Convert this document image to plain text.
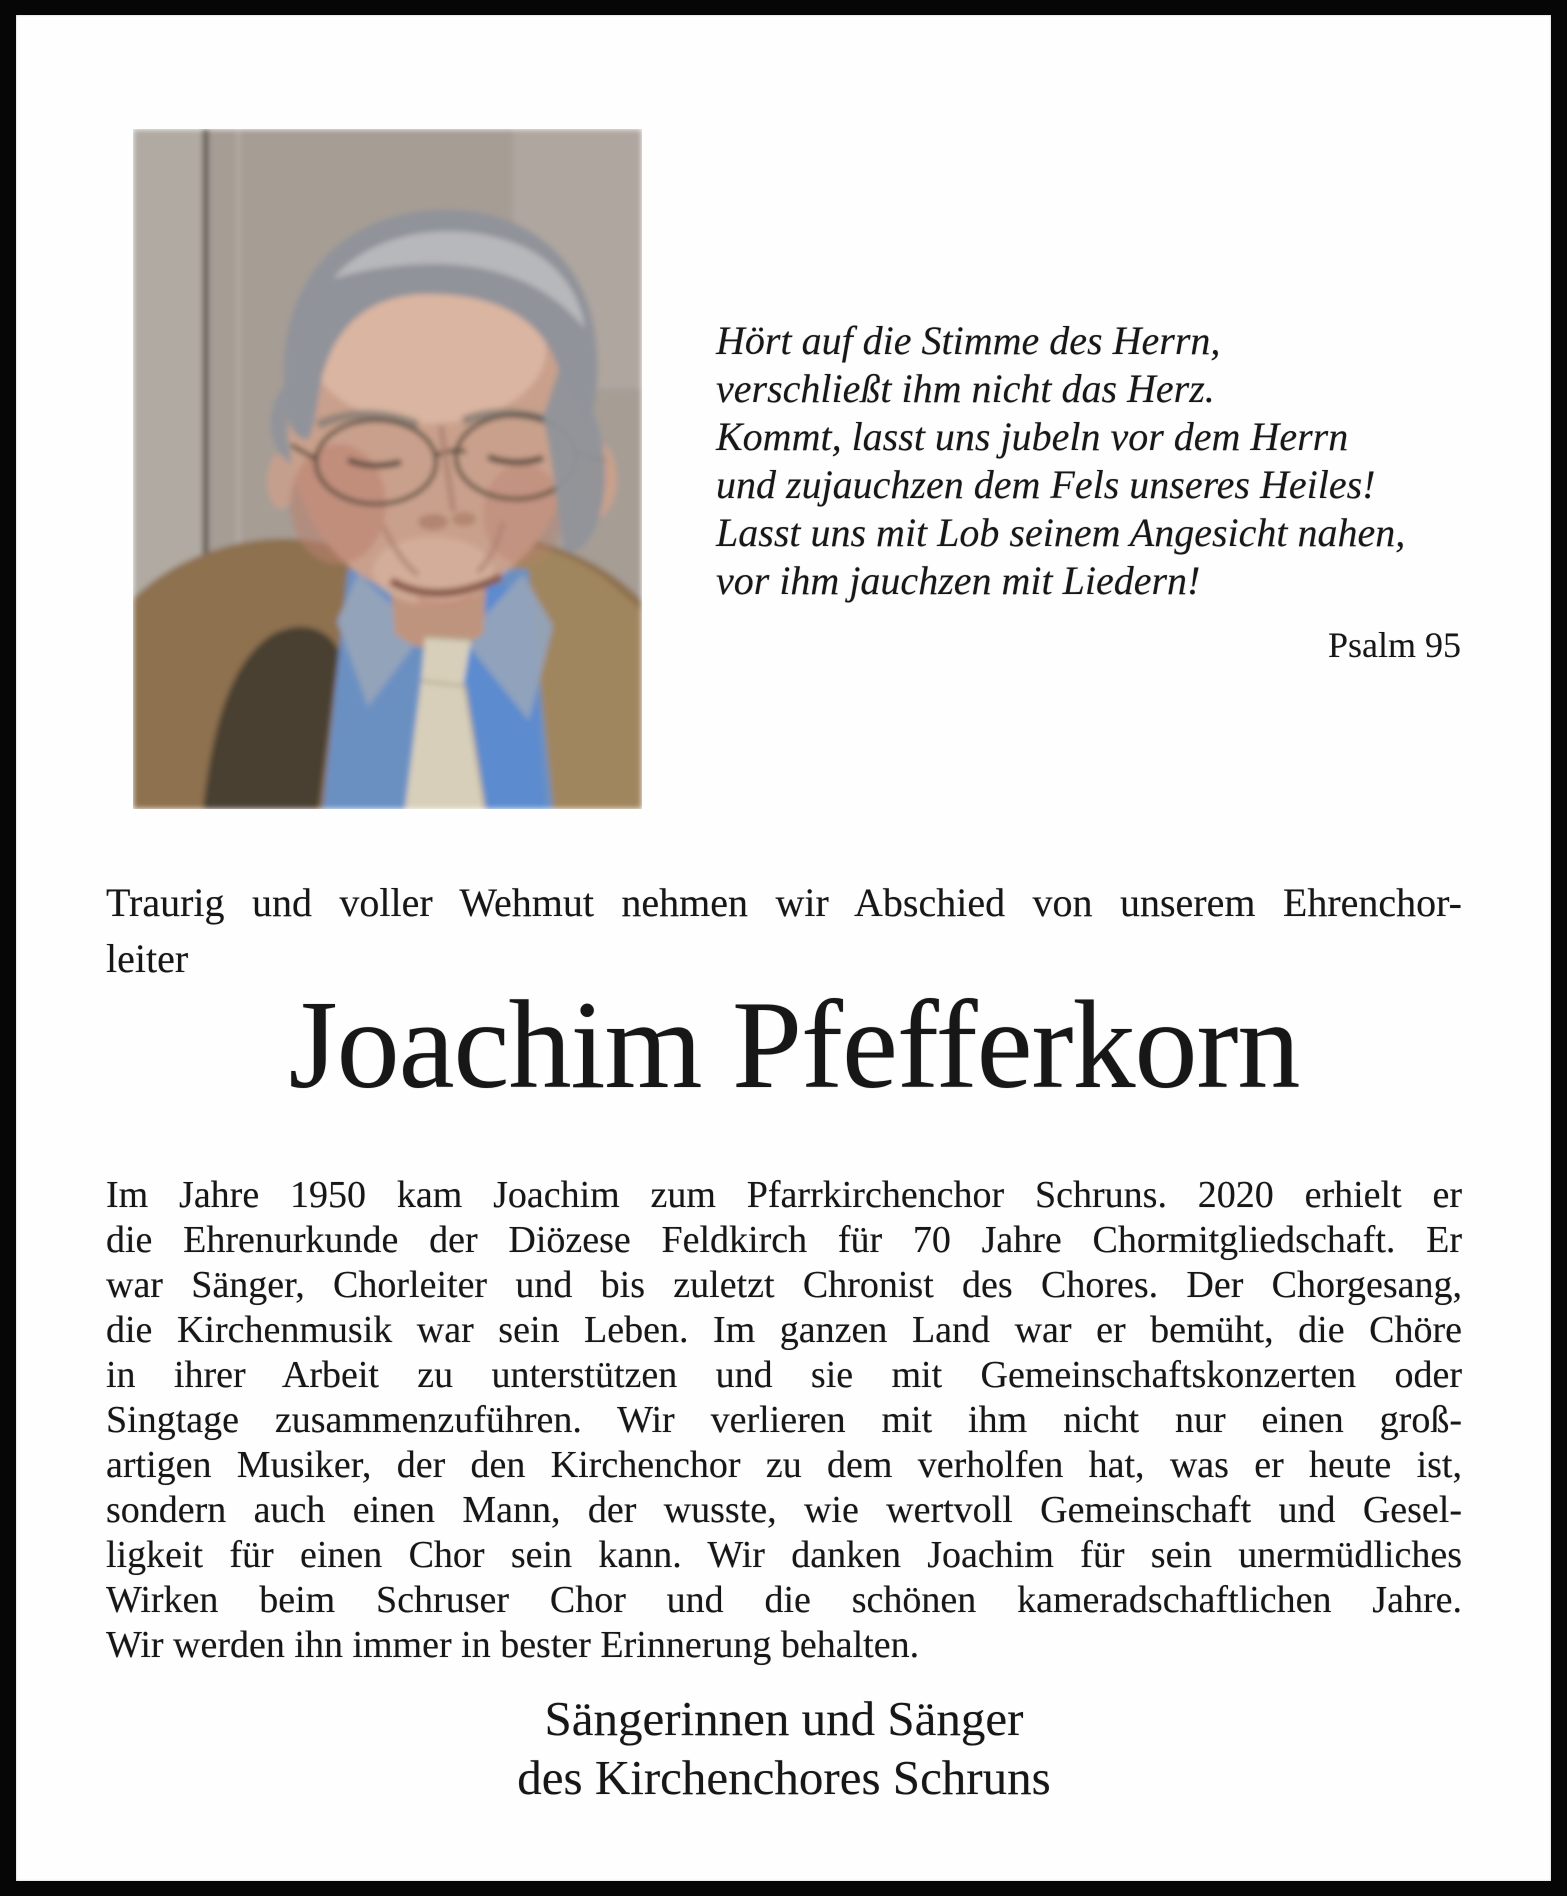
Hört auf die Stimme des Herrn,
verschließt ihm nicht das Herz.
Kommt, lasst uns jubeln vor dem Herrn
und zujauchzen dem Fels unseres Heiles!
Lasst uns mit Lob seinem Angesicht nahen,
vor ihm jauchzen mit Liedern!
Psalm 95
Traurig und voller Wehmut nehmen wir Abschied von unserem Ehrenchor-
leiter
Joachim Pfefferkorn
Im Jahre 1950 kam Joachim zum Pfarrkirchenchor Schruns. 2020 erhielt er
die Ehrenurkunde der Diözese Feldkirch für 70 Jahre Chormitgliedschaft. Er
war Sänger, Chorleiter und bis zuletzt Chronist des Chores. Der Chorgesang,
die Kirchenmusik war sein Leben. Im ganzen Land war er bemüht, die Chöre
in ihrer Arbeit zu unterstützen und sie mit Gemeinschaftskonzerten oder
Singtage zusammenzuführen. Wir verlieren mit ihm nicht nur einen groß-
artigen Musiker, der den Kirchenchor zu dem verholfen hat, was er heute ist,
sondern auch einen Mann, der wusste, wie wertvoll Gemeinschaft und Gesel-
ligkeit für einen Chor sein kann. Wir danken Joachim für sein unermüdliches
Wirken beim Schruser Chor und die schönen kameradschaftlichen Jahre.
Wir werden ihn immer in bester Erinnerung behalten.
Sängerinnen und Sänger
des Kirchenchores Schruns
